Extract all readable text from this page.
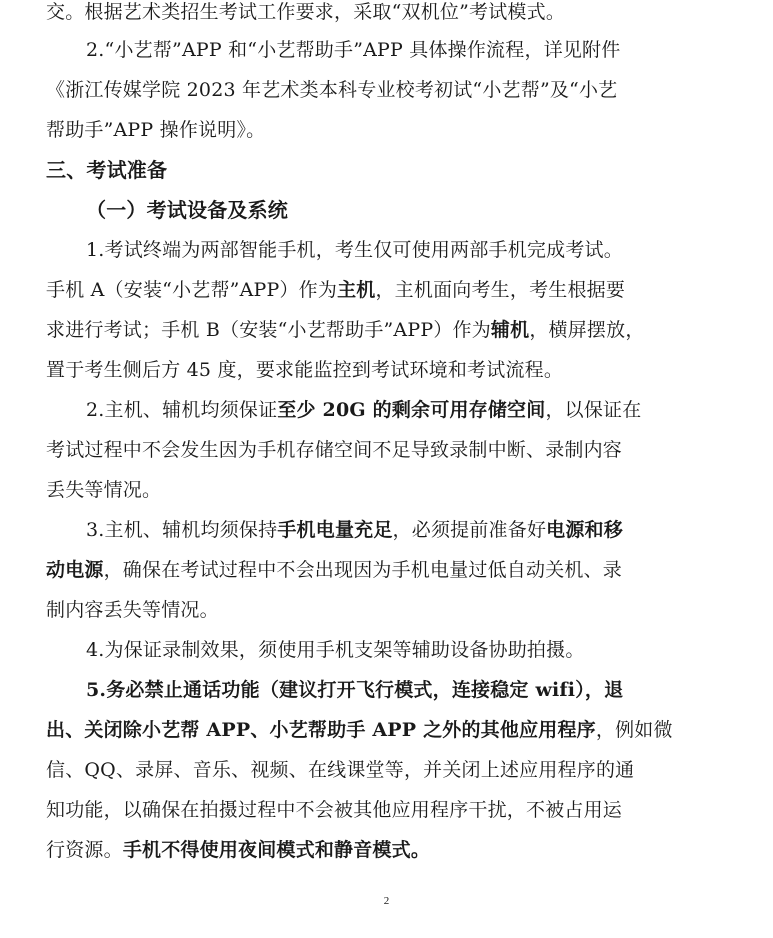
交。根据艺术类招生考试工作要求，采取“双机位”考试模式。
2.“小艺帮”APP 和“小艺帮助手”APP 具体操作流程，详见附件
《浙江传媒学院 2023 年艺术类本科专业校考初试“小艺帮”及“小艺
帮助手”APP 操作说明》。
三、考试准备
（一）考试设备及系统
1.考试终端为两部智能手机，考生仅可使用两部手机完成考试。
手机 A（安装“小艺帮”APP）作为主机，主机面向考生，考生根据要
求进行考试；手机 B（安装“小艺帮助手”APP）作为辅机，横屏摆放，
置于考生侧后方 45 度，要求能监控到考试环境和考试流程。
2.主机、辅机均须保证至少 20G 的剩余可用存储空间，以保证在
考试过程中不会发生因为手机存储空间不足导致录制中断、录制内容
丢失等情况。
3.主机、辅机均须保持手机电量充足，必须提前准备好电源和移
动电源，确保在考试过程中不会出现因为手机电量过低自动关机、录
制内容丢失等情况。
4.为保证录制效果，须使用手机支架等辅助设备协助拍摄。
5.务必禁止通话功能（建议打开飞行模式，连接稳定 wifi），退
出、关闭除小艺帮 APP、小艺帮助手 APP 之外的其他应用程序，例如微
信、QQ、录屏、音乐、视频、在线课堂等，并关闭上述应用程序的通
知功能，以确保在拍摄过程中不会被其他应用程序干扰，不被占用运
行资源。手机不得使用夜间模式和静音模式。
2
